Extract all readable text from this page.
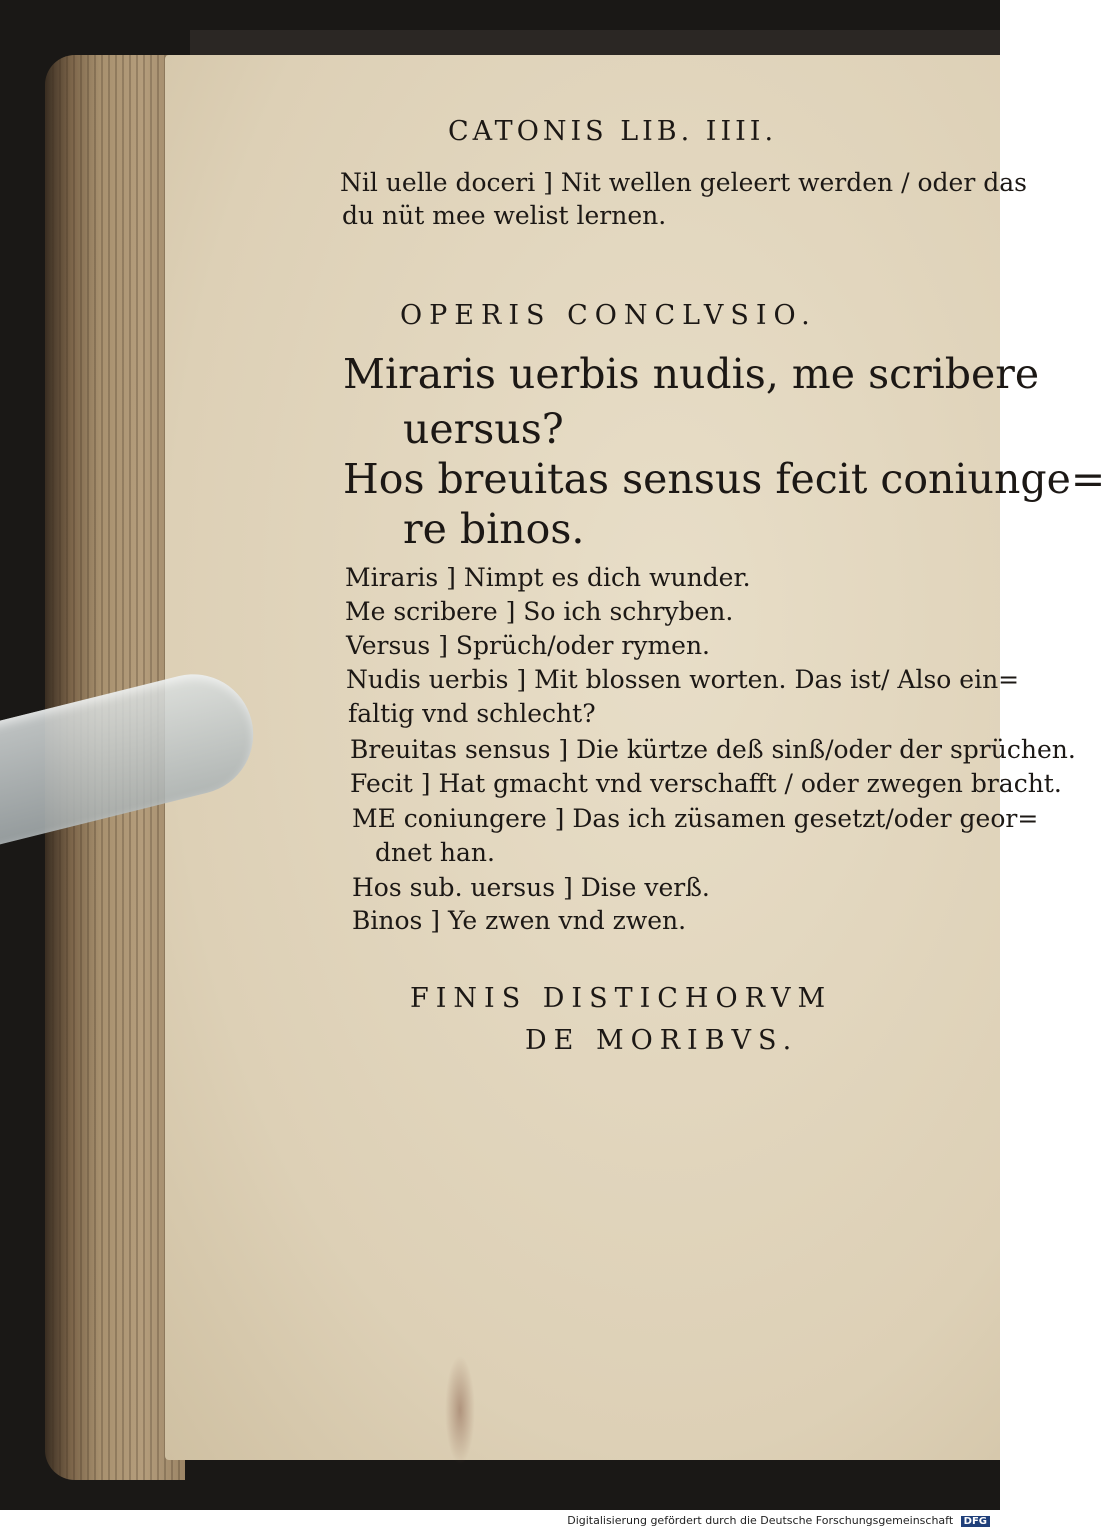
CATONIS LIB. IIII.
Nil uelle doceri ] Nit wellen geleert werden / oder das
du nüt mee welist lernen.
OPERIS CONCLVSIO.
Miraris uerbis nudis, me scribere
uersus?
Hos breuitas sensus fecit coniunge=
re binos.
Miraris ] Nimpt es dich wunder.
Me scribere ] So ich schryben.
Versus ] Sprüch/oder rymen.
Nudis uerbis ] Mit blossen worten. Das ist/ Also ein=
faltig vnd schlecht?
Breuitas sensus ] Die kürtze deß sinß/oder der sprüchen.
Fecit ] Hat gmacht vnd verschafft / oder zwegen bracht.
ME coniungere ] Das ich züsamen gesetzt/oder geor=
dnet han.
Hos sub. uersus ] Dise verß.
Binos ] Ye zwen vnd zwen.
FINIS DISTICHORVM
DE MORIBVS.
Digitalisierung gefördert durch die Deutsche Forschungsgemeinschaft DFG
